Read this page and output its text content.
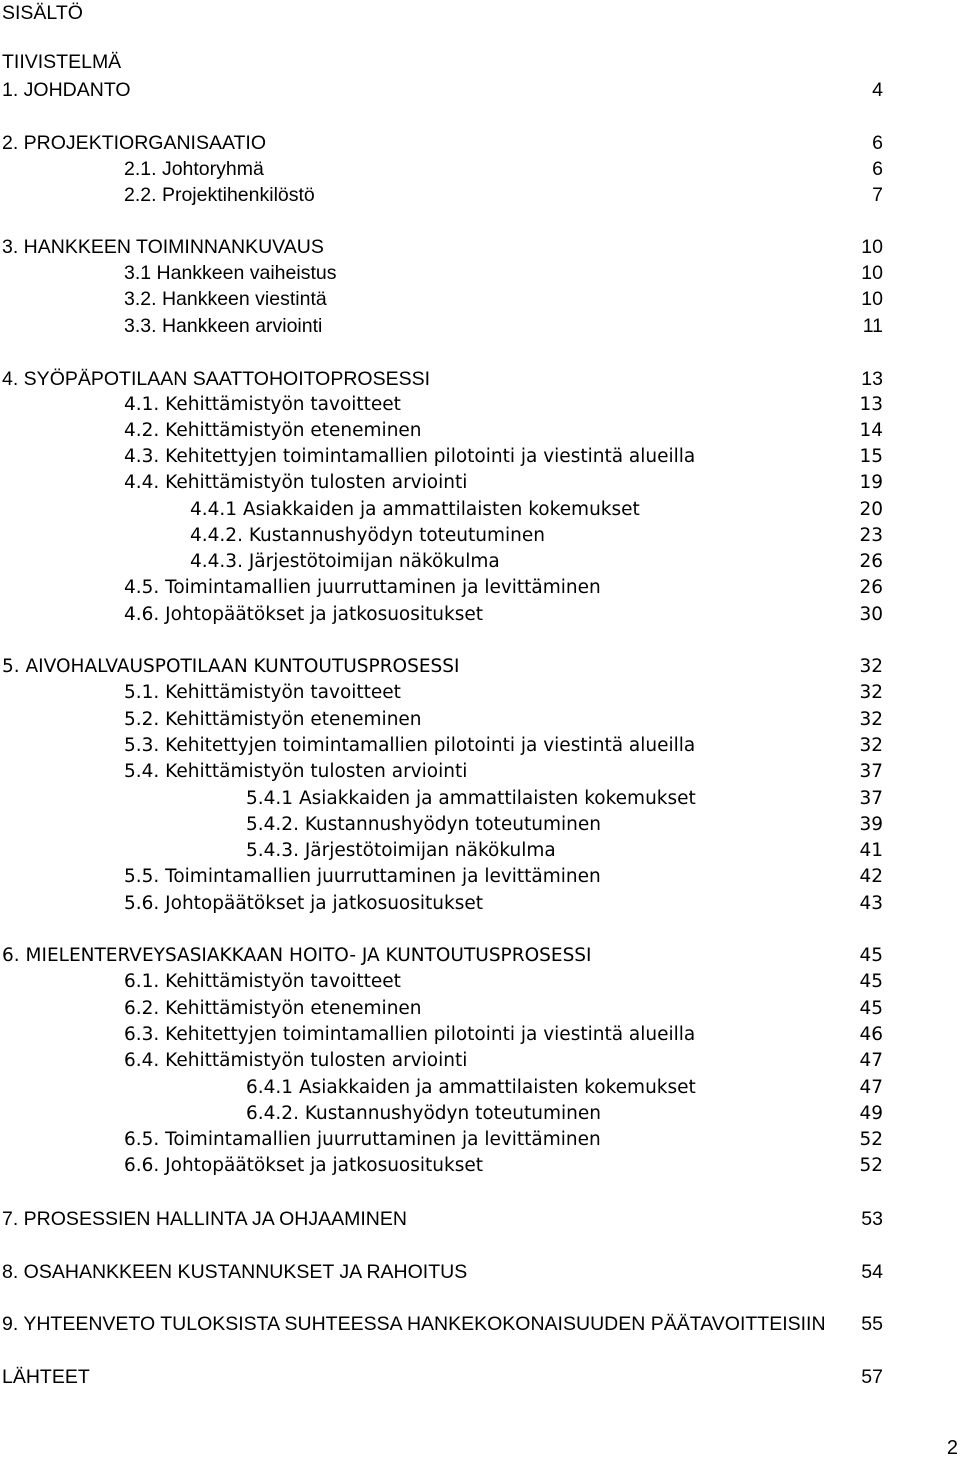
SISÄLTÖ
TIIVISTELMÄ
1. JOHDANTO	4
2. PROJEKTIORGANISAATIO	6
2.1. Johtoryhmä	6
2.2. Projektihenkilöstö	7
3. HANKKEEN TOIMINNANKUVAUS	10
3.1 Hankkeen vaiheistus	10
3.2. Hankkeen viestintä	10
3.3. Hankkeen arviointi	11
4. SYÖPÄPOTILAAN SAATTOHOITOPROSESSI	13
4.1. Kehittämistyön tavoitteet	13
4.2. Kehittämistyön eteneminen	14
4.3. Kehitettyjen toimintamallien pilotointi ja viestintä alueilla	15
4.4. Kehittämistyön tulosten arviointi	19
4.4.1 Asiakkaiden ja ammattilaisten kokemukset	20
4.4.2. Kustannushyödyn toteutuminen	23
4.4.3. Järjestötoimijan näkökulma	26
4.5. Toimintamallien juurruttaminen ja levittäminen	26
4.6. Johtopäätökset ja jatkosuositukset	30
5. AIVOHALVAUSPOTILAAN KUNTOUTUSPROSESSI	32
5.1. Kehittämistyön tavoitteet	32
5.2. Kehittämistyön eteneminen	32
5.3. Kehitettyjen toimintamallien pilotointi ja viestintä alueilla	32
5.4. Kehittämistyön tulosten arviointi	37
5.4.1 Asiakkaiden ja ammattilaisten kokemukset	37
5.4.2. Kustannushyödyn toteutuminen	39
5.4.3. Järjestötoimijan näkökulma	41
5.5. Toimintamallien juurruttaminen ja levittäminen	42
5.6. Johtopäätökset ja jatkosuositukset	43
6. MIELENTERVEYSASIAKKAAN HOITO- JA KUNTOUTUSPROSESSI	45
6.1. Kehittämistyön tavoitteet	45
6.2. Kehittämistyön eteneminen	45
6.3. Kehitettyjen toimintamallien pilotointi ja viestintä alueilla	46
6.4. Kehittämistyön tulosten arviointi	47
6.4.1 Asiakkaiden ja ammattilaisten kokemukset	47
6.4.2. Kustannushyödyn toteutuminen	49
6.5. Toimintamallien juurruttaminen ja levittäminen	52
6.6. Johtopäätökset ja jatkosuositukset	52
7. PROSESSIEN HALLINTA JA OHJAAMINEN	53
8. OSAHANKKEEN KUSTANNUKSET JA RAHOITUS	54
9. YHTEENVETO TULOKSISTA SUHTEESSA HANKEKOKONAISUUDEN PÄÄTAVOITTEISIIN 55
LÄHTEET	57
2
